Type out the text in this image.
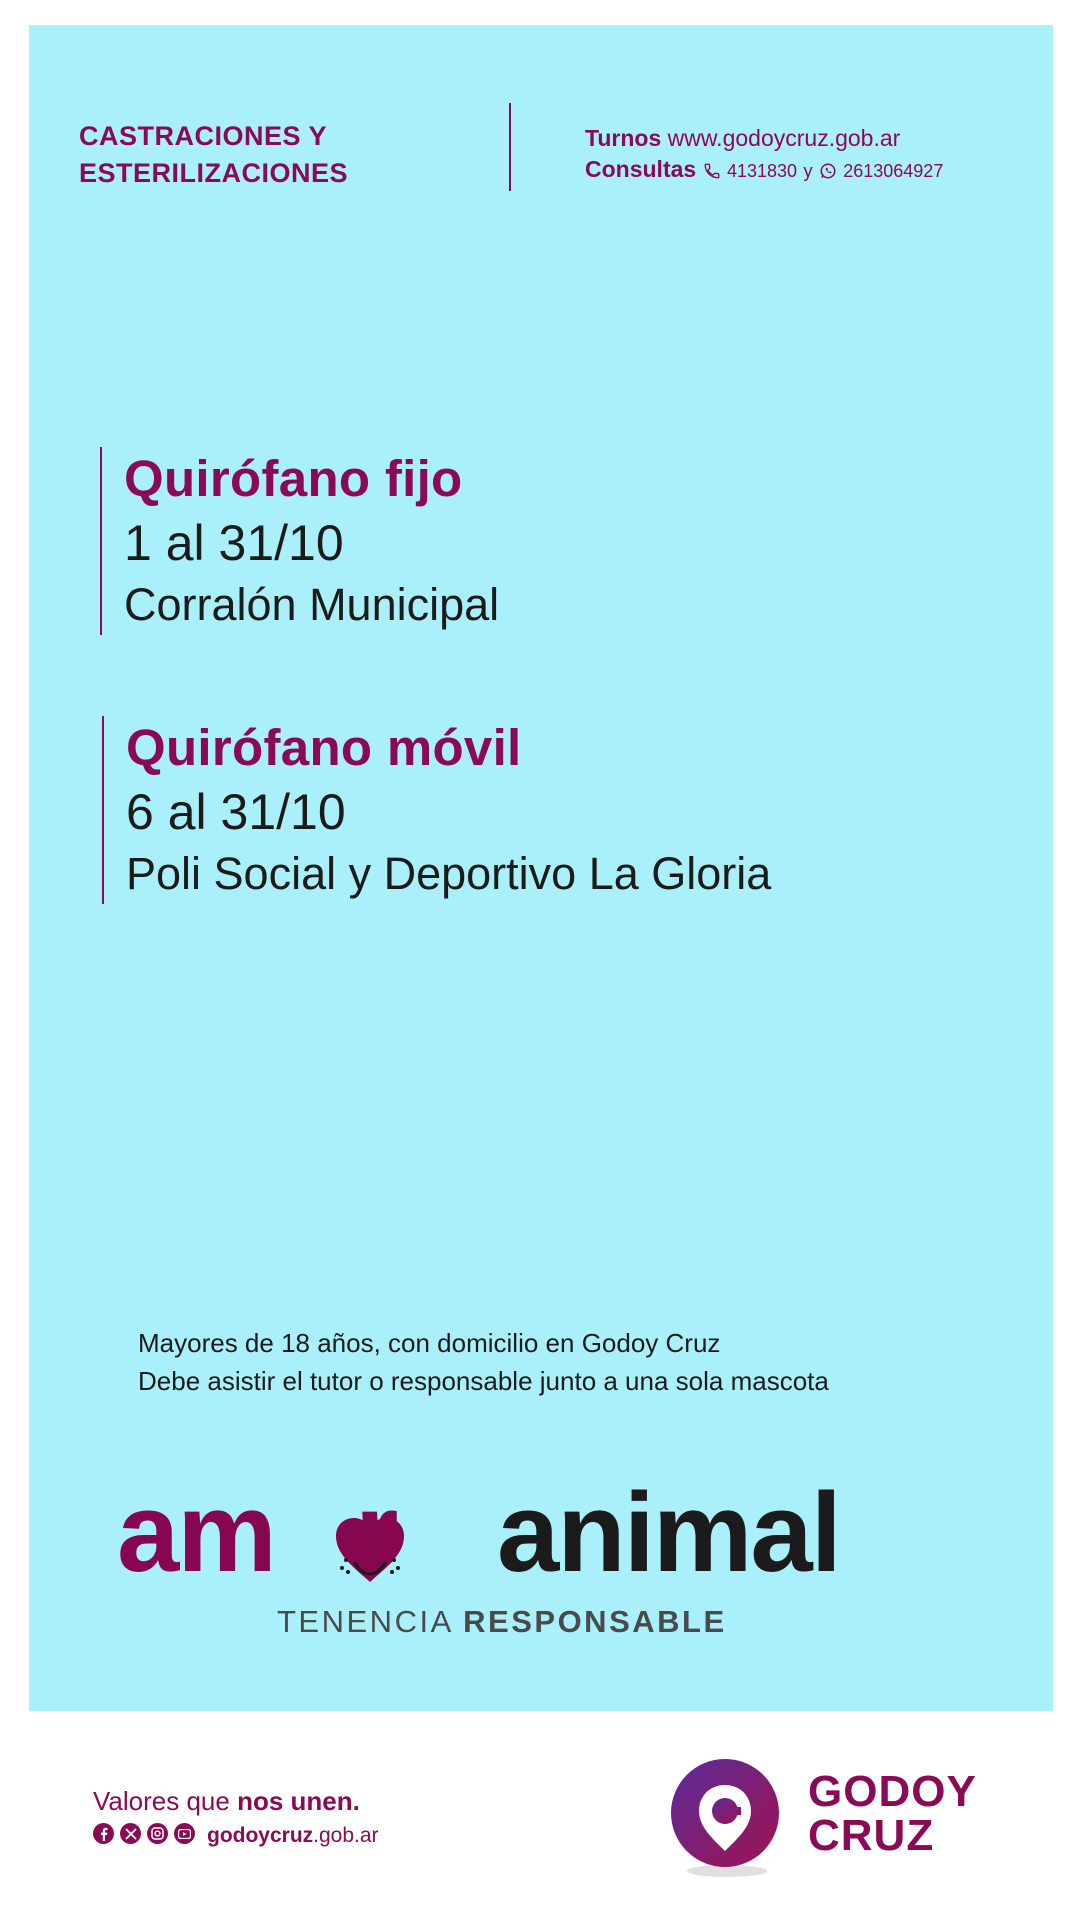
CASTRACIONES Y
ESTERILIZACIONES
Turnos www.godoycruz.gob.ar
Consultas 4131830 y 2613064927
Quirófano fijo
1 al 31/10
Corralón Municipal
Quirófano móvil
6 al 31/10
Poli Social y Deportivo La Gloria
Mayores de 18 años, con domicilio en Godoy Cruz
Debe asistir el tutor o responsable junto a una sola mascota
am	animal
TENENCIA RESPONSABLE
Valores que nos unen.
godoycruz.gob.ar
GODOY
CRUZ
